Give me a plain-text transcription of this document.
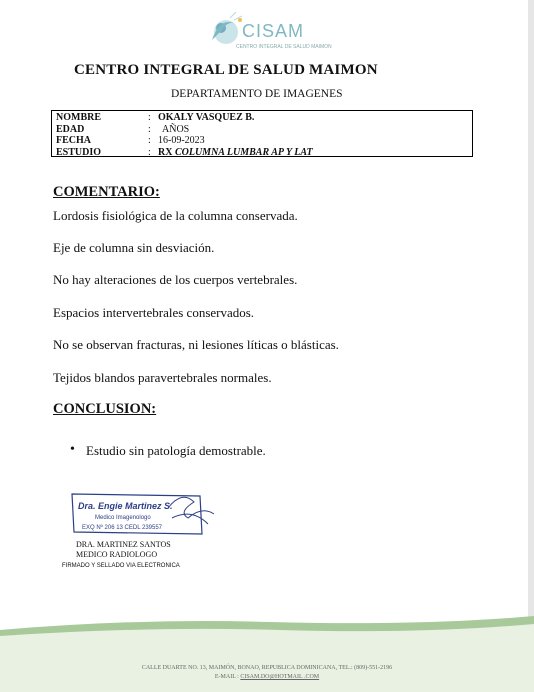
CISAM
CENTRO INTEGRAL DE SALUD MAIMON
CENTRO INTEGRAL DE SALUD MAIMON
DEPARTAMENTO DE IMAGENES
NOMBRE	: OKALY VASQUEZ B.
EDAD	:	AÑOS
FECHA	: 16-09-2023
ESTUDIO	: RX COLUMNA LUMBAR AP Y LAT
COMENTARIO:
Lordosis fisiológica de la columna conservada.
Eje de columna sin desviación.
No hay alteraciones de los cuerpos vertebrales.
Espacios intervertebrales conservados.
No se observan fracturas, ni lesiones líticas o blásticas.
Tejidos blandos paravertebrales normales.
CONCLUSION:
• Estudio sin patología demostrable.
Dra. Engie Martinez S.
Medico Imagenologo
EXQ Nº 206 13 CEDL 239557
DRA. MARTINEZ SANTOS
MEDICO RADIOLOGO
FIRMADO Y SELLADO VIA ELECTRONICA
CALLE DUARTE NO. 13, MAIMÓN, BONAO, REPUBLICA DOMINICANA, TEL.: (809)-551-2196
E-MAIL : CISAM.DO@HOTMAIL .COM
